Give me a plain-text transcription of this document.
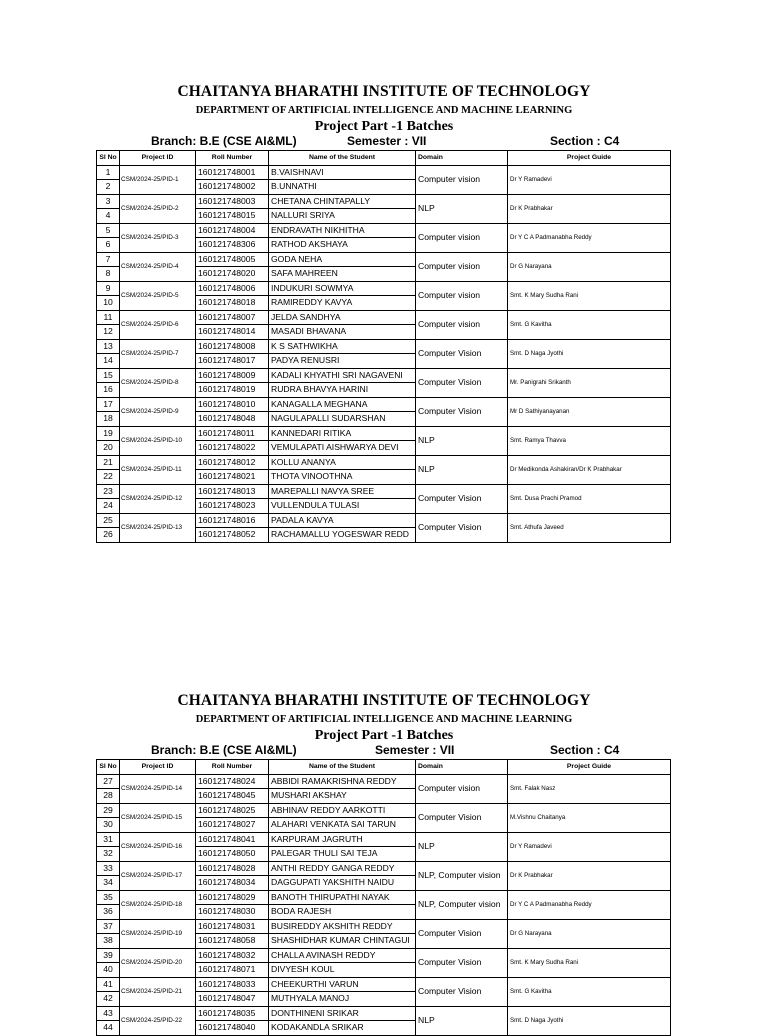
CHAITANYA BHARATHI INSTITUTE OF TECHNOLOGY
DEPARTMENT OF ARTIFICIAL INTELLIGENCE AND MACHINE LEARNING
Project Part -1 Batches
Branch: B.E (CSE AI&ML)	Semester : VII	Section : C4
Sl No	Project ID	Roll Number	Name of the Student	Domain	Project Guide
1	CSM/2024-25/PID-1	160121748001	B.VAISHNAVI	Computer vision	Dr Y Ramadevi
2		160121748002	B.UNNATHI		
3	CSM/2024-25/PID-2	160121748003	CHETANA CHINTAPALLY	NLP	Dr K Prabhakar
4		160121748015	NALLURI SRIYA		
5	CSM/2024-25/PID-3	160121748004	ENDRAVATH NIKHITHA	Computer vision	Dr Y C A Padmanabha Reddy
6		160121748306	RATHOD AKSHAYA		
7	CSM/2024-25/PID-4	160121748005	GODA NEHA	Computer vision	Dr G Narayana
8		160121748020	SAFA MAHREEN		
9	CSM/2024-25/PID-5	160121748006	INDUKURI SOWMYA	Computer vision	Smt. K Mary Sudha Rani
10		160121748018	RAMIREDDY KAVYA		
11	CSM/2024-25/PID-6	160121748007	JELDA SANDHYA	Computer vision	Smt. G Kavitha
12		160121748014	MASADI BHAVANA		
13	CSM/2024-25/PID-7	160121748008	K S SATHWIKHA	Computer Vision	Smt. D Naga Jyothi
14		160121748017	PADYA RENUSRI		
15	CSM/2024-25/PID-8	160121748009	KADALI KHYATHI SRI NAGAVENI	Computer Vision	Mr. Panigrahi Srikanth
16		160121748019	RUDRA BHAVYA HARINI		
17	CSM/2024-25/PID-9	160121748010	KANAGALLA MEGHANA	Computer Vision	Mr D Sathiyanayanan
18		160121748048	NAGULAPALLI SUDARSHAN		
19	CSM/2024-25/PID-10	160121748011	KANNEDARI RITIKA	NLP	Smt. Ramya Thavva
20		160121748022	VEMULAPATI AISHWARYA DEVI		
21	CSM/2024-25/PID-11	160121748012	KOLLU ANANYA	NLP	Dr Medikonda Ashakiran/Dr K Prabhakar
22		160121748021	THOTA VINOOTHNA		
23	CSM/2024-25/PID-12	160121748013	MAREPALLI NAVYA SREE	Computer Vision	Smt. Dusa Prachi Pramod
24		160121748023	VULLENDULA TULASI		
25	CSM/2024-25/PID-13	160121748016	PADALA KAVYA	Computer Vision	Smt. Athufa Javeed
26		160121748052	RACHAMALLU YOGESWAR REDD		
CHAITANYA BHARATHI INSTITUTE OF TECHNOLOGY
DEPARTMENT OF ARTIFICIAL INTELLIGENCE AND MACHINE LEARNING
Project Part -1 Batches
Branch: B.E (CSE AI&ML)	Semester : VII	Section : C4
Sl No	Project ID	Roll Number	Name of the Student	Domain	Project Guide
27	CSM/2024-25/PID-14	160121748024	ABBIDI RAMAKRISHNA REDDY	Computer vision	Smt. Falak Nasz
28		160121748045	MUSHARI AKSHAY		
29	CSM/2024-25/PID-15	160121748025	ABHINAV REDDY AARKOTTI	Computer Vision	M.Vishnu Chaitanya
30		160121748027	ALAHARI VENKATA SAI TARUN		
31	CSM/2024-25/PID-16	160121748041	KARPURAM JAGRUTH	NLP	Dr Y Ramadevi
32		160121748050	PALEGAR THULI SAI TEJA		
33	CSM/2024-25/PID-17	160121748028	ANTHI REDDY GANGA REDDY	NLP, Computer vision	Dr K Prabhakar
34		160121748034	DAGGUPATI YAKSHITH NAIDU		
35	CSM/2024-25/PID-18	160121748029	BANOTH THIRUPATHI NAYAK	NLP, Computer vision	Dr Y C A Padmanabha Reddy
36		160121748030	BODA RAJESH		
37	CSM/2024-25/PID-19	160121748031	BUSIREDDY AKSHITH REDDY	Computer Vision	Dr G Narayana
38		160121748058	SHASHIDHAR KUMAR CHINTAGUI		
39	CSM/2024-25/PID-20	160121748032	CHALLA AVINASH REDDY	Computer Vision	Smt. K Mary Sudha Rani
40		160121748071	DIVYESH KOUL		
41	CSM/2024-25/PID-21	160121748033	CHEEKURTHI VARUN	Computer Vision	Smt. G Kavitha
42		160121748047	MUTHYALA MANOJ		
43	CSM/2024-25/PID-22	160121748035	DONTHINENI SRIKAR	NLP	Smt. D Naga Jyothi
44		160121748040	KODAKANDLA SRIKAR		
